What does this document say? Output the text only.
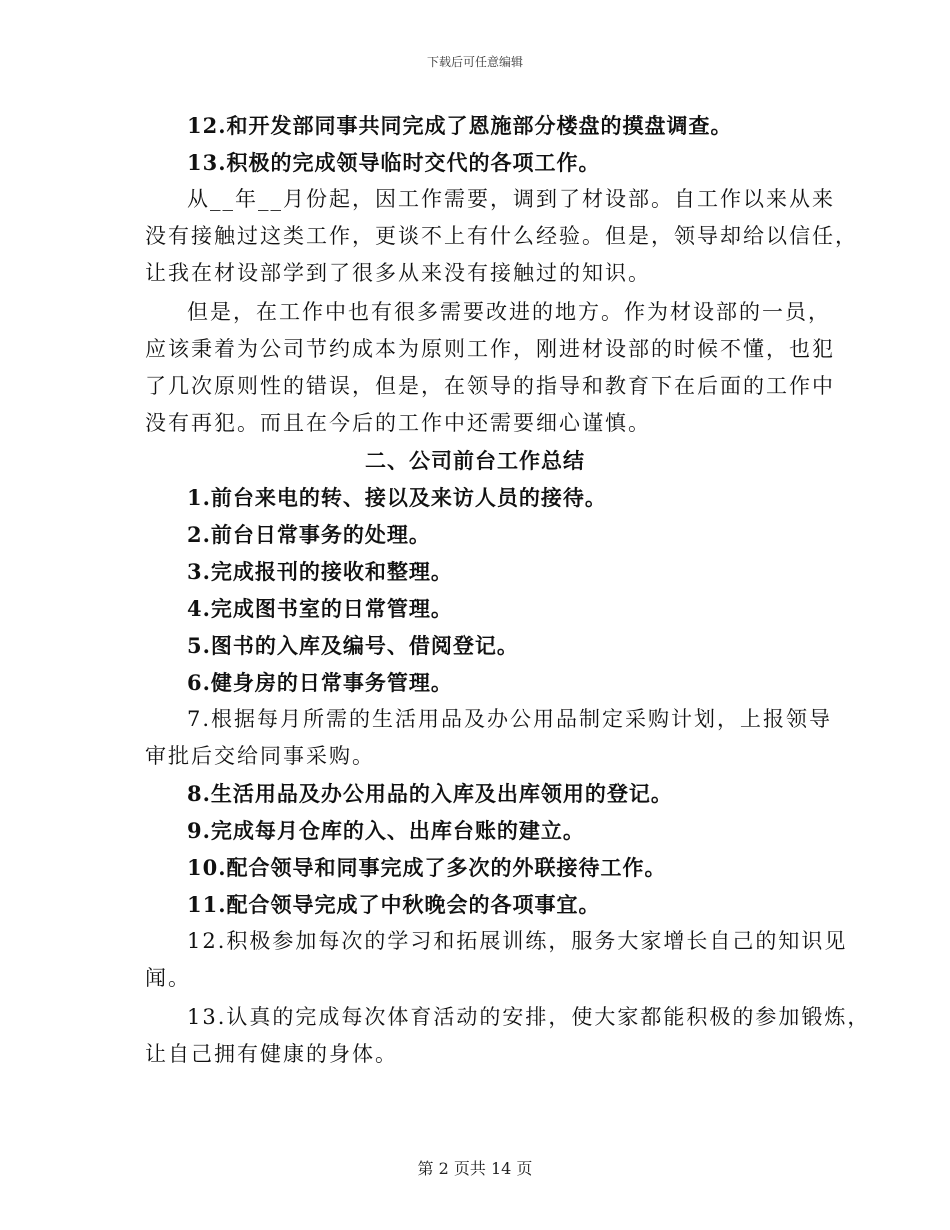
下载后可任意编辑
12.和开发部同事共同完成了恩施部分楼盘的摸盘调查。
13.积极的完成领导临时交代的各项工作。
从__年__月份起，因工作需要，调到了材设部。自工作以来从来
没有接触过这类工作，更谈不上有什么经验。但是，领导却给以信任，
让我在材设部学到了很多从来没有接触过的知识。
但是，在工作中也有很多需要改进的地方。作为材设部的一员，
应该秉着为公司节约成本为原则工作，刚进材设部的时候不懂，也犯
了几次原则性的错误，但是，在领导的指导和教育下在后面的工作中
没有再犯。而且在今后的工作中还需要细心谨慎。
二、公司前台工作总结
1.前台来电的转、接以及来访人员的接待。
2.前台日常事务的处理。
3.完成报刊的接收和整理。
4.完成图书室的日常管理。
5.图书的入库及编号、借阅登记。
6.健身房的日常事务管理。
7.根据每月所需的生活用品及办公用品制定采购计划，上报领导
审批后交给同事采购。
8.生活用品及办公用品的入库及出库领用的登记。
9.完成每月仓库的入、出库台账的建立。
10.配合领导和同事完成了多次的外联接待工作。
11.配合领导完成了中秋晚会的各项事宜。
12.积极参加每次的学习和拓展训练，服务大家增长自己的知识见
闻。
13.认真的完成每次体育活动的安排，使大家都能积极的参加锻炼，
让自己拥有健康的身体。
第 2 页共 14 页
